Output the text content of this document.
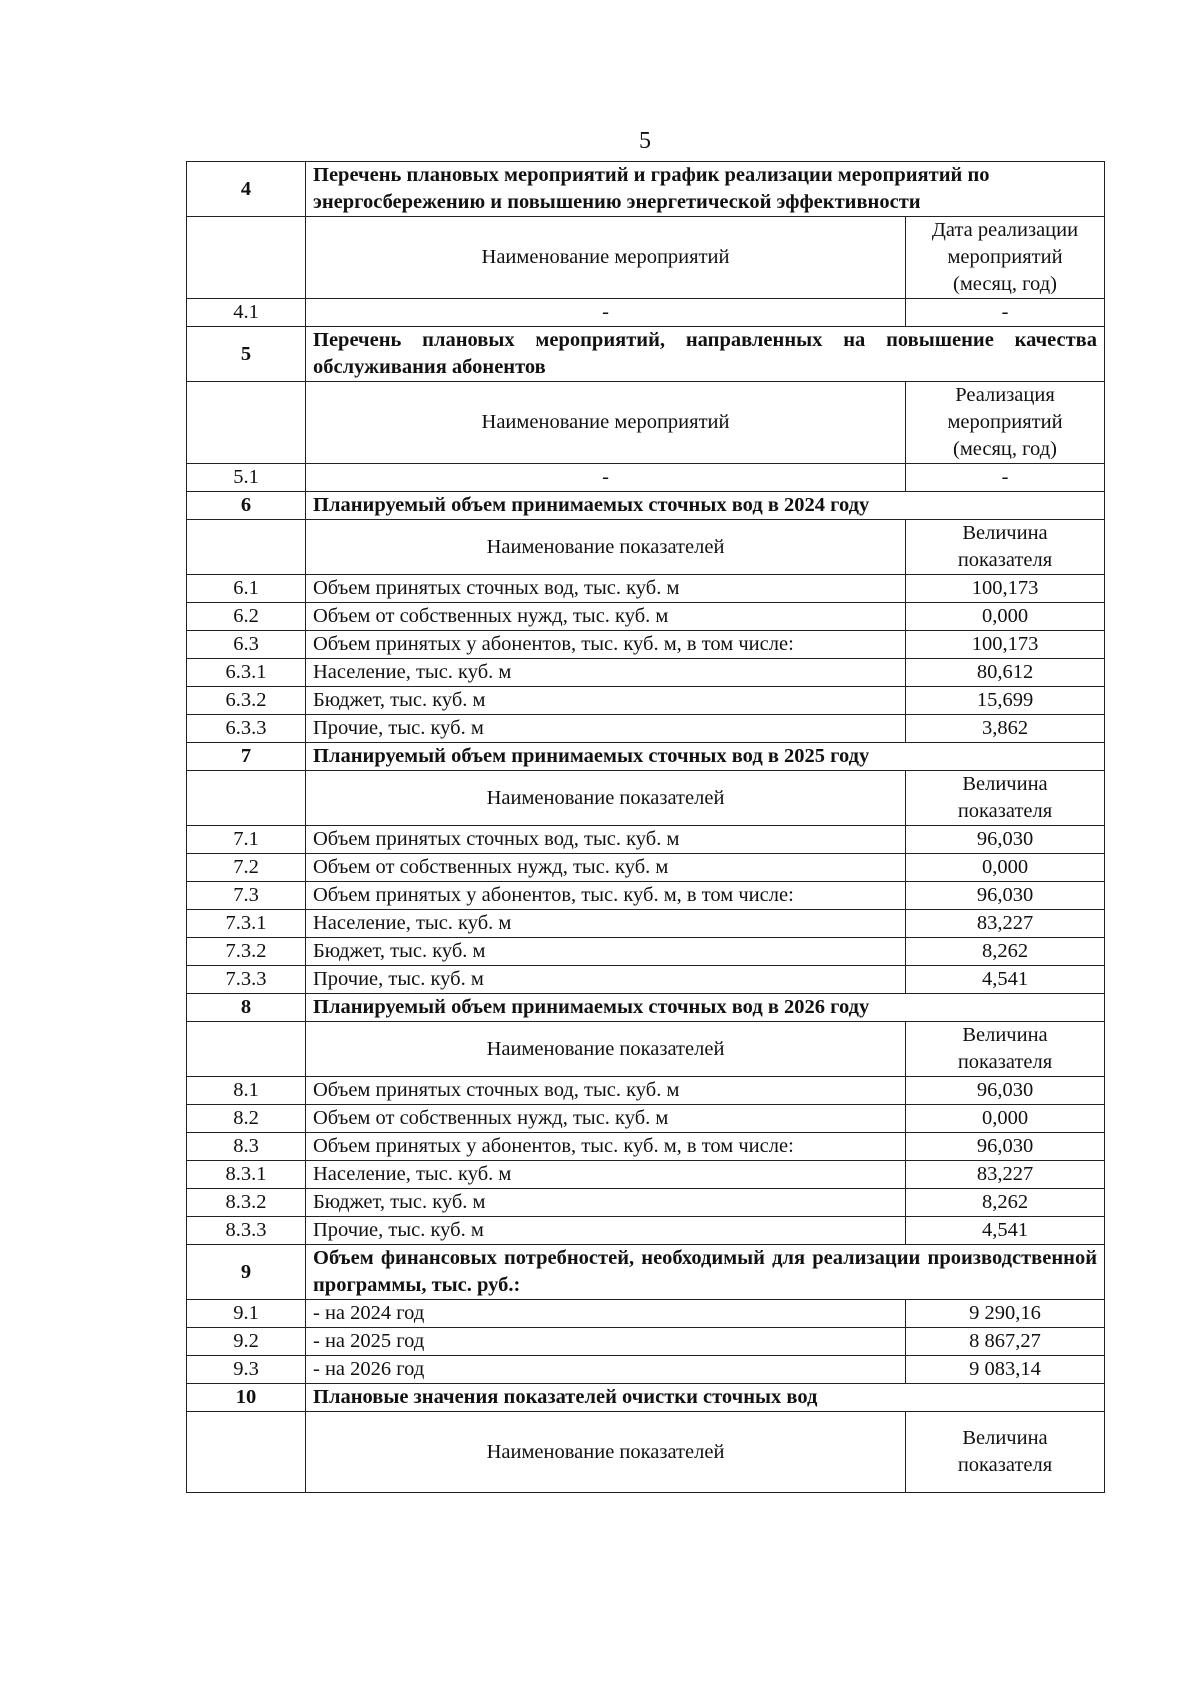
5
4	Перечень плановых мероприятий и график реализации мероприятий по энергосбережению и повышению энергетической эффективности	
	Наименование мероприятий	Дата реализации мероприятий (месяц, год)
4.1	-	-
5	Перечень плановых мероприятий, направленных на повышение качества обслуживания абонентов	
	Наименование мероприятий	Реализация мероприятий (месяц, год)
5.1	-	-
6	Планируемый объем принимаемых сточных вод в 2024 году	
	Наименование показателей	Величина показателя
6.1	Объем принятых сточных вод, тыс. куб. м	100,173
6.2	Объем от собственных нужд, тыс. куб. м	0,000
6.3	Объем принятых у абонентов, тыс. куб. м, в том числе:	100,173
6.3.1	Население, тыс. куб. м	80,612
6.3.2	Бюджет, тыс. куб. м	15,699
6.3.3	Прочие, тыс. куб. м	3,862
7	Планируемый объем принимаемых сточных вод в 2025 году	
	Наименование показателей	Величина показателя
7.1	Объем принятых сточных вод, тыс. куб. м	96,030
7.2	Объем от собственных нужд, тыс. куб. м	0,000
7.3	Объем принятых у абонентов, тыс. куб. м, в том числе:	96,030
7.3.1	Население, тыс. куб. м	83,227
7.3.2	Бюджет, тыс. куб. м	8,262
7.3.3	Прочие, тыс. куб. м	4,541
8	Планируемый объем принимаемых сточных вод в 2026 году	
	Наименование показателей	Величина показателя
8.1	Объем принятых сточных вод, тыс. куб. м	96,030
8.2	Объем от собственных нужд, тыс. куб. м	0,000
8.3	Объем принятых у абонентов, тыс. куб. м, в том числе:	96,030
8.3.1	Население, тыс. куб. м	83,227
8.3.2	Бюджет, тыс. куб. м	8,262
8.3.3	Прочие, тыс. куб. м	4,541
9	Объем финансовых потребностей, необходимый для реализации производственной программы, тыс. руб.:	
9.1	- на 2024 год	9 290,16
9.2	- на 2025 год	8 867,27
9.3	- на 2026 год	9 083,14
10	Плановые значения показателей очистки сточных вод	
	Наименование показателей	Величина показателя
